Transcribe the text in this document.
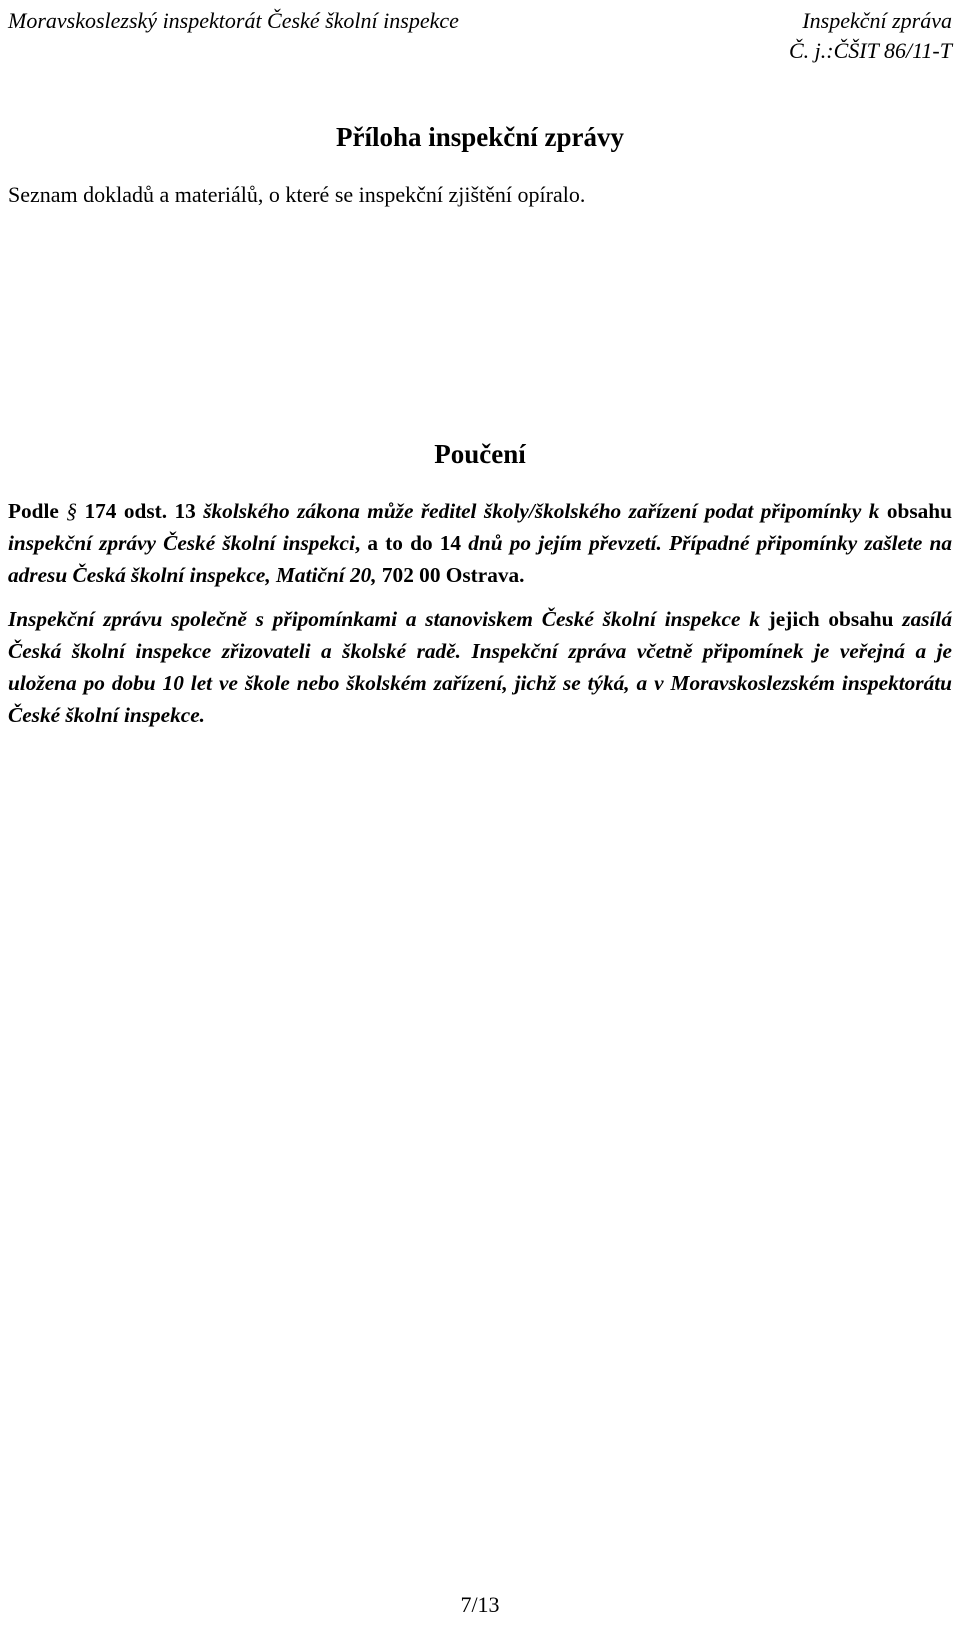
Moravskoslezský inspektorát České školní inspekce	Inspekční zpráva
Č. j.:ČŠIT 86/11-T
Příloha inspekční zprávy
Seznam dokladů a materiálů, o které se inspekční zjištění opíralo.
Poučení

Podle § 174 odst. 13 školského zákona může ředitel školy/školského zařízení podat připomínky k obsahu inspekční zprávy České školní inspekci, a to do 14 dnů po jejím převzetí. Případné připomínky zašlete na adresu Česká školní inspekce, Matiční 20, 702 00 Ostrava.

Inspekční zprávu společně s připomínkami a stanoviskem České školní inspekce k jejich obsahu zasílá Česká školní inspekce zřizovateli a školské radě. Inspekční zpráva včetně připomínek je veřejná a je uložena po dobu 10 let ve škole nebo školském zařízení, jichž se týká, a v Moravskoslezském inspektorátu České školní inspekce.

7/13
